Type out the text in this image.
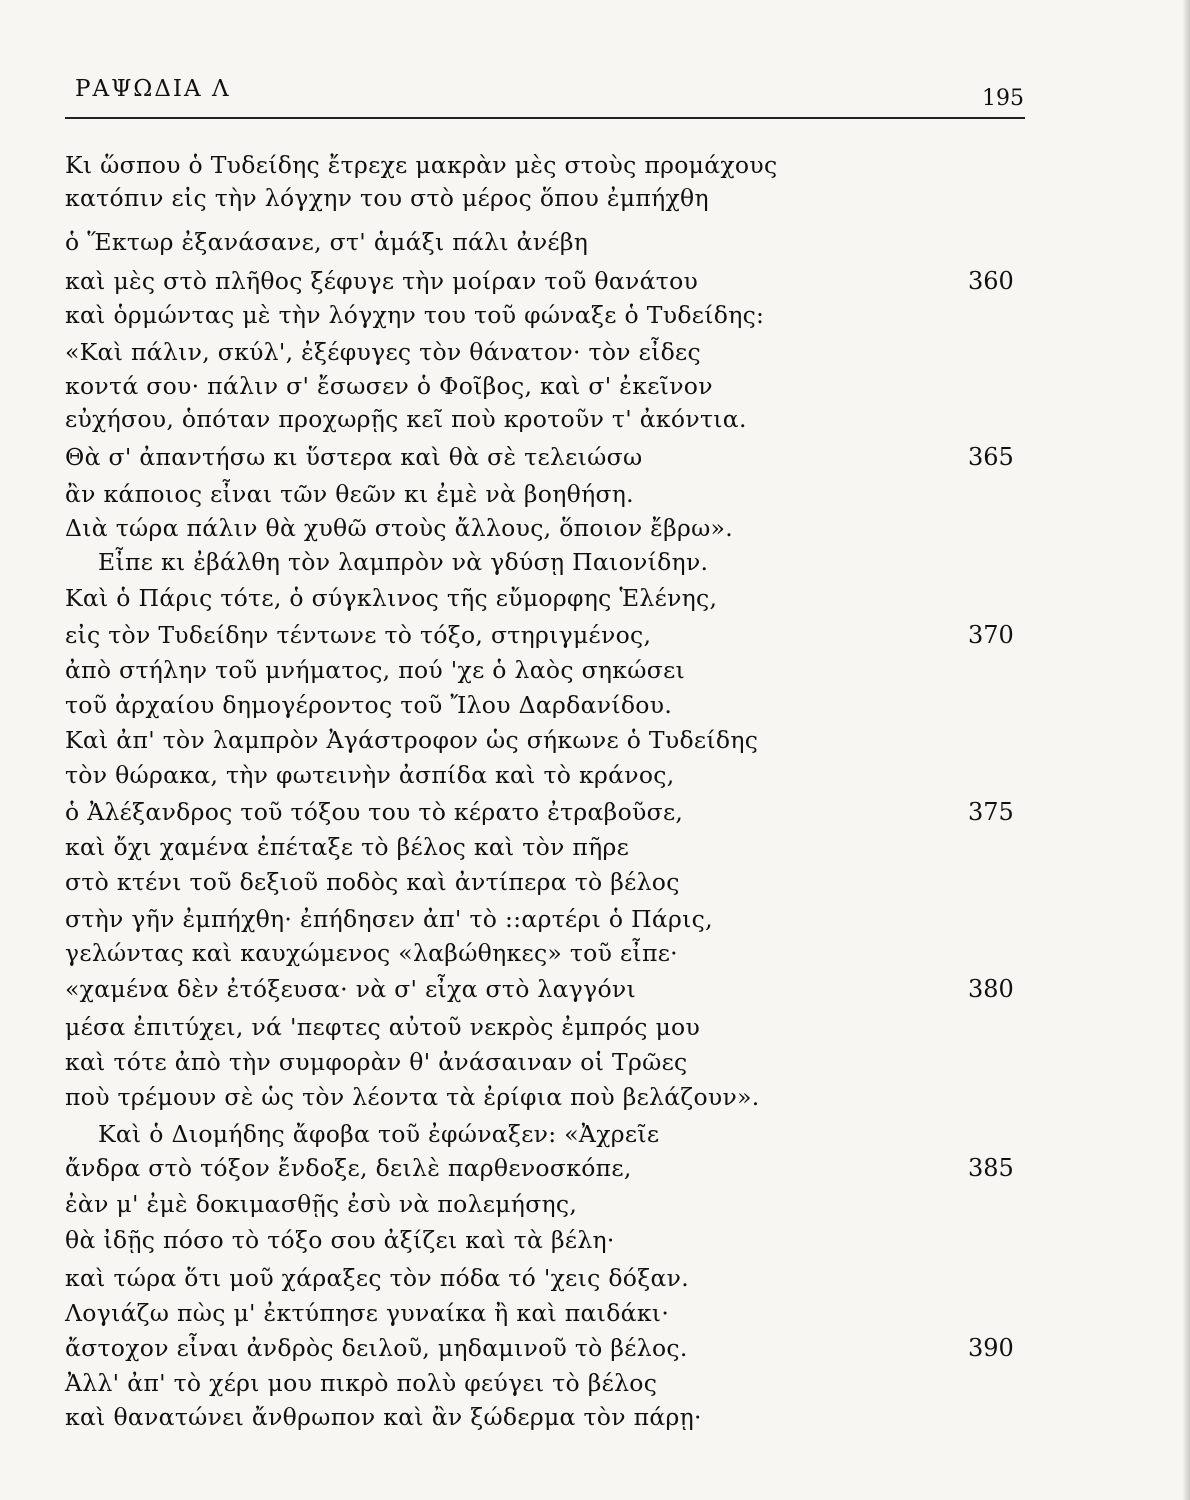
ΡΑΨΩΔΙΑ Λ	195
Κι ὥσπου ὁ Τυδείδης ἔτρεχε μακρὰν μὲς στοὺς προμάχους
κατόπιν εἰς τὴν λόγχην του στὸ μέρος ὅπου ἐμπήχθη
ὁ Ἕκτωρ ἐξανάσανε, στ' ἁμάξι πάλι ἀνέβη
καὶ μὲς στὸ πλῆθος ξέφυγε τὴν μοίραν τοῦ θανάτου
καὶ ὁρμώντας μὲ τὴν λόγχην του τοῦ φώναξε ὁ Τυδείδης:
«Καὶ πάλιν, σκύλ', ἐξέφυγες τὸν θάνατον· τὸν εἶδες
κοντά σου· πάλιν σ' ἔσωσεν ὁ Φοῖβος, καὶ σ' ἐκεῖνον
εὐχήσου, ὁπόταν προχωρῇς κεῖ ποὺ κροτοῦν τ' ἀκόντια.
Θὰ σ' ἀπαντήσω κι ὕστερα καὶ θὰ σὲ τελειώσω
ἂν κάποιος εἶναι τῶν θεῶν κι ἐμὲ νὰ βοηθήση.
Διὰ τώρα πάλιν θὰ χυθῶ στοὺς ἄλλους, ὅποιον ἔβρω».
Εἶπε κι ἐβάλθη τὸν λαμπρὸν νὰ γδύσῃ Παιονίδην.
Καὶ ὁ Πάρις τότε, ὁ σύγκλινος τῆς εὔμορφης Ἑλένης,
εἰς τὸν Τυδείδην τέντωνε τὸ τόξο, στηριγμένος,
ἀπὸ στήλην τοῦ μνήματος, πού 'χε ὁ λαὸς σηκώσει
τοῦ ἀρχαίου δημογέροντος τοῦ Ἴλου Δαρδανίδου.
Καὶ ἀπ' τὸν λαμπρὸν Ἀγάστροφον ὡς σήκωνε ὁ Τυδείδης
τὸν θώρακα, τὴν φωτεινὴν ἀσπίδα καὶ τὸ κράνος,
ὁ Ἀλέξανδρος τοῦ τόξου του τὸ κέρατο ἐτραβοῦσε,
καὶ ὄχι χαμένα ἐπέταξε τὸ βέλος καὶ τὸν πῆρε
στὸ κτένι τοῦ δεξιοῦ ποδὸς καὶ ἀντίπερα τὸ βέλος
στὴν γῆν ἐμπήχθη· ἐπήδησεν ἀπ' τὸ ::αρτέρι ὁ Πάρις,
γελώντας καὶ καυχώμενος «λαβώθηκες» τοῦ εἶπε·
«χαμένα δὲν ἐτόξευσα· νὰ σ' εἶχα στὸ λαγγόνι
μέσα ἐπιτύχει, νά 'πεφτες αὐτοῦ νεκρὸς ἐμπρός μου
καὶ τότε ἀπὸ τὴν συμφορὰν θ' ἀνάσαιναν οἱ Τρῶες
ποὺ τρέμουν σὲ ὡς τὸν λέοντα τὰ ἐρίφια ποὺ βελάζουν».
Καὶ ὁ Διομήδης ἄφοβα τοῦ ἐφώναξεν: «Ἀχρεῖε
ἄνδρα στὸ τόξον ἔνδοξε, δειλὲ παρθενοσκόπε,
ἐὰν μ' ἐμὲ δοκιμασθῇς ἐσὺ νὰ πολεμήσης,
θὰ ἰδῇς πόσο τὸ τόξο σου ἀξίζει καὶ τὰ βέλη·
καὶ τώρα ὅτι μοῦ χάραξες τὸν πόδα τό 'χεις δόξαν.
Λογιάζω πὼς μ' ἐκτύπησε γυναίκα ἢ καὶ παιδάκι·
ἄστοχον εἶναι ἀνδρὸς δειλοῦ, μηδαμινοῦ τὸ βέλος.
Ἀλλ' ἀπ' τὸ χέρι μου πικρὸ πολὺ φεύγει τὸ βέλος
καὶ θανατώνει ἄνθρωπον καὶ ἂν ξώδερμα τὸν πάρῃ·
360
365
370
375
380
385
390
